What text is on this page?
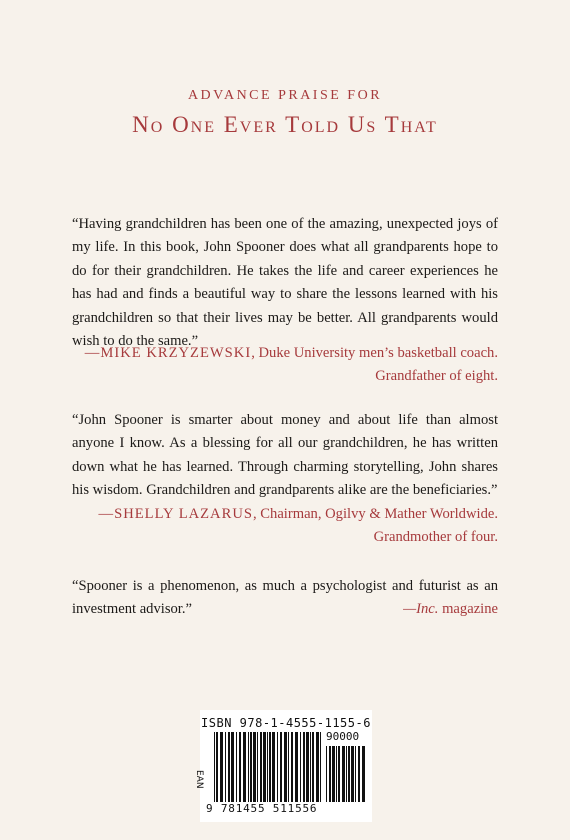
ADVANCE PRAISE FOR
No One Ever Told Us That

“Having grandchildren has been one of the amazing, unexpected joys of my life. In this book, John Spooner does what all grandparents hope to do for their grandchildren. He takes the life and career experiences he has had and finds a beautiful way to share the lessons learned with his grandchildren so that their lives may be better. All grandparents would wish to do the same.”

—MIKE KRZYZEWSKI, Duke University men’s basketball coach.
Grandfather of eight.

“John Spooner is smarter about money and about life than almost anyone I know. As a blessing for all our grandchildren, he has written down what he has learned. Through charming storytelling, John shares his wisdom. Grandchildren and grandparents alike are the beneficiaries.”

—SHELLY LAZARUS, Chairman, Ogilvy & Mather Worldwide.
Grandmother of four.

“Spooner is a phenomenon, as much a psychologist and futurist as an investment advisor.”	—Inc. magazine
ISBN 978-1-4555-1155-6
EAN
90000
9 781455 511556
